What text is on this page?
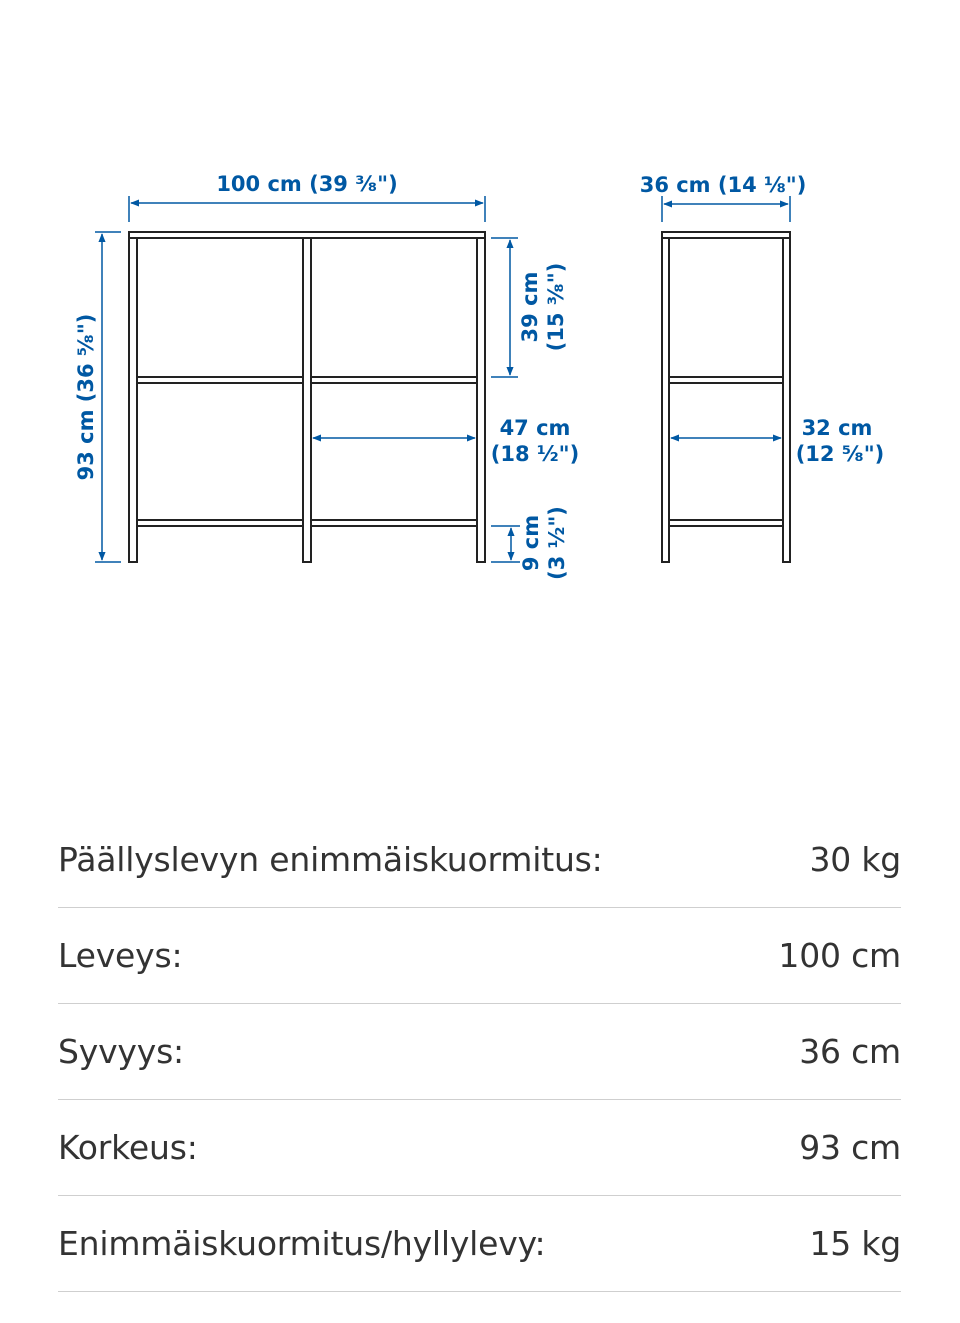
100 cm (39 ³⁄₈")
93 cm (36 ⁵⁄₈")
39 cm (15 ³⁄₈")
47 cm
(18 ½")
9 cm (3 ½")
36 cm (14 ⅛")
32 cm
(12 ⁵⁄₈")
Päällyslevyn enimmäiskuormitus:	30 kg
Leveys:	100 cm
Syvyys:	36 cm
Korkeus:	93 cm
Enimmäiskuormitus/hyllylevy:	15 kg
